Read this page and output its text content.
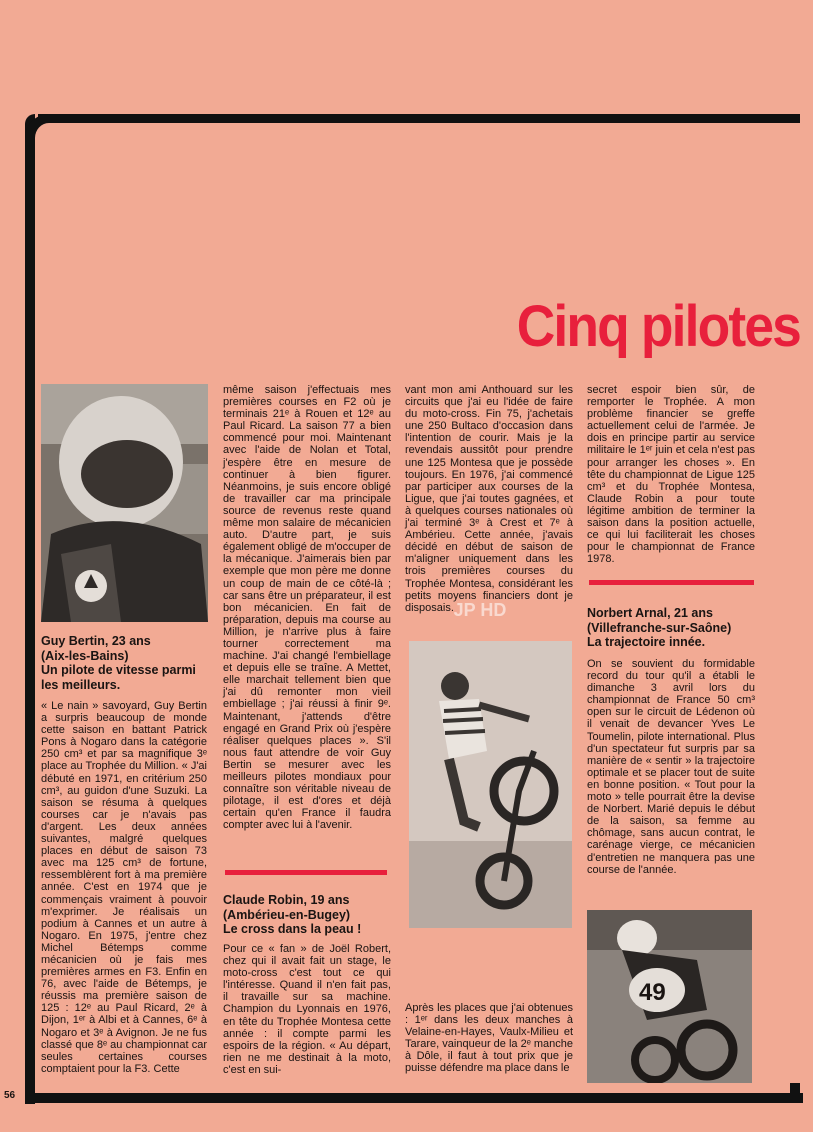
Cinq pilotes
Guy Bertin, 23 ans
(Aix-les-Bains)
Un pilote de vitesse parmi les meilleurs.

« Le nain » savoyard, Guy Bertin a surpris beaucoup de monde cette saison en battant Patrick Pons à Nogaro dans la catégorie 250 cm³ et par sa magnifique 3ᵉ place au Trophée du Million. « J'ai débuté en 1971, en critérium 250 cm³, au guidon d'une Suzuki. La saison se résuma à quelques courses car je n'avais pas d'argent. Les deux années suivantes, malgré quelques places en début de saison 73 avec ma 125 cm³ de fortune, ressemblèrent fort à ma première année. C'est en 1974 que je commençais vraiment à pouvoir m'exprimer. Je réalisais un podium à Cannes et un autre à Nogaro. En 1975, j'entre chez Michel Bétemps comme mécanicien où je fais mes premières armes en F3. Enfin en 76, avec l'aide de Bétemps, je réussis ma première saison de 125 : 12ᵉ au Paul Ricard, 2ᵉ à Dijon, 1ᵉʳ à Albi et à Cannes, 6ᵉ à Nogaro et 3ᵉ à Avignon. Je ne fus classé que 8ᵉ au championnat car seules certaines courses comptaient pour la F3. Cette

même saison j'effectuais mes premières courses en F2 où je terminais 21ᵉ à Rouen et 12ᵉ au Paul Ricard. La saison 77 a bien commencé pour moi. Maintenant avec l'aide de Nolan et Total, j'espère être en mesure de continuer à bien figurer. Néanmoins, je suis encore obligé de travailler car ma principale source de revenus reste quand même mon salaire de mécanicien auto. D'autre part, je suis également obligé de m'occuper de la mécanique. J'aimerais bien par exemple que mon père me donne un coup de main de ce côté-là ; car sans être un préparateur, il est bon mécanicien. En fait de préparation, depuis ma course au Million, je n'arrive plus à faire tourner correctement ma machine. J'ai changé l'embiellage et depuis elle se traîne. A Mettet, elle marchait tellement bien que j'ai dû remonter mon vieil embiellage ; j'ai réussi à finir 9ᵉ. Maintenant, j'attends d'être engagé en Grand Prix où j'espère réaliser quelques places ». S'il nous faut attendre de voir Guy Bertin se mesurer avec les meilleurs pilotes mondiaux pour connaître son véritable niveau de pilotage, il est d'ores et déjà certain qu'en France il faudra compter avec lui à l'avenir.

Claude Robin, 19 ans
(Ambérieu-en-Bugey)
Le cross dans la peau !

Pour ce « fan » de Joël Robert, chez qui il avait fait un stage, le moto-cross c'est tout ce qui l'intéresse. Quand il n'en fait pas, il travaille sur sa machine. Champion du Lyonnais en 1976, en tête du Trophée Montesa cette année : il compte parmi les espoirs de la région. « Au départ, rien ne me destinait à la moto, c'est en sui-

vant mon ami Anthouard sur les circuits que j'ai eu l'idée de faire du moto-cross. Fin 75, j'achetais une 250 Bultaco d'occasion dans l'intention de courir. Mais je la revendais aussitôt pour prendre une 125 Montesa que je possède toujours. En 1976, j'ai commencé par participer aux courses de la Ligue, que j'ai toutes gagnées, et à quelques courses nationales où j'ai terminé 3ᵉ à Crest et 7ᵉ à Ambérieu. Cette année, j'avais décidé en début de saison de m'aligner uniquement dans les trois premières courses du Trophée Montesa, considérant les petits moyens financiers dont je disposais. JP HD

Après les places que j'ai obtenues : 1ᵉʳ dans les deux manches à Velaine-en-Hayes, Vaulx-Milieu et Tarare, vainqueur de la 2ᵉ manche à Dôle, il faut à tout prix que je puisse défendre ma place dans le

secret espoir bien sûr, de remporter le Trophée. A mon problème financier se greffe actuellement celui de l'armée. Je dois en principe partir au service militaire le 1ᵉʳ juin et cela n'est pas pour arranger les choses ». En tête du championnat de Ligue 125 cm³ et du Trophée Montesa, Claude Robin a pour toute légitime ambition de terminer la saison dans la position actuelle, ce qui lui faciliterait les choses pour le championnat de France 1978.

Norbert Arnal, 21 ans
(Villefranche-sur-Saône)
La trajectoire innée.

On se souvient du formidable record du tour qu'il a établi le dimanche 3 avril lors du championnat de France 50 cm³ open sur le circuit de Lédenon où il venait de devancer Yves Le Toumelin, pilote international. Plus d'un spectateur fut surpris par sa manière de « sentir » la trajectoire optimale et se placer tout de suite en bonne position. « Tout pour la moto » telle pourrait être la devise de Norbert. Marié depuis le début de la saison, sa femme au chômage, sans aucun contrat, le carénage vierge, ce mécanicien d'entretien ne manquera pas une course de l'année.

49
56
